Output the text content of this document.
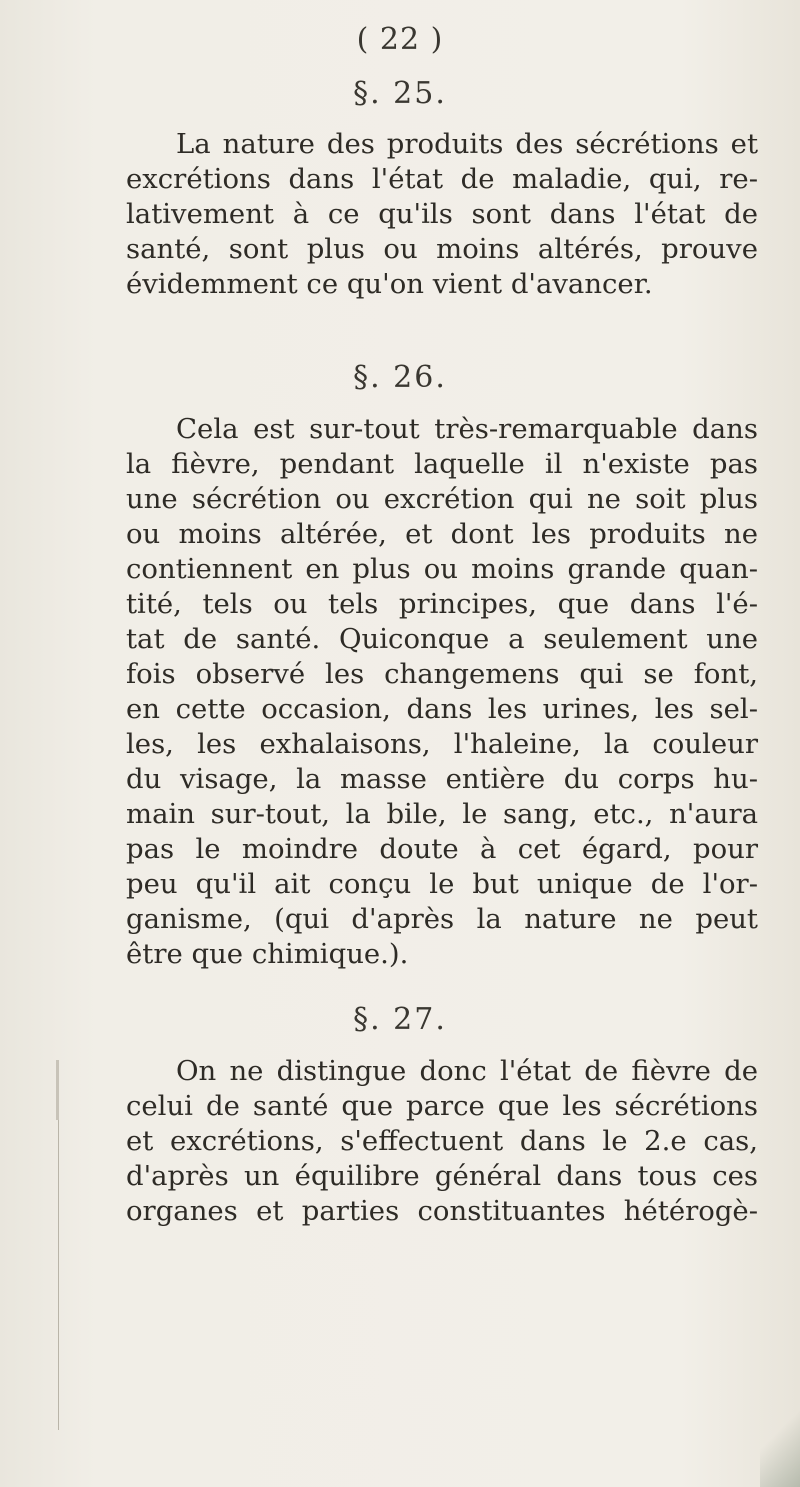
( 22 )
§. 25.
La nature des produits des sécrétions et
excrétions dans l'état de maladie, qui, re-
lativement à ce qu'ils sont dans l'état de
santé, sont plus ou moins altérés, prouve
évidemment ce qu'on vient d'avancer.
§. 26.
Cela est sur-tout très-remarquable dans
la fièvre, pendant laquelle il n'existe pas
une sécrétion ou excrétion qui ne soit plus
ou moins altérée, et dont les produits ne
contiennent en plus ou moins grande quan-
tité, tels ou tels principes, que dans l'é-
tat de santé. Quiconque a seulement une
fois observé les changemens qui se font,
en cette occasion, dans les urines, les sel-
les, les exhalaisons, l'haleine, la couleur
du visage, la masse entière du corps hu-
main sur-tout, la bile, le sang, etc., n'aura
pas le moindre doute à cet égard, pour
peu qu'il ait conçu le but unique de l'or-
ganisme, (qui d'après la nature ne peut
être que chimique.).
§. 27.
On ne distingue donc l'état de fièvre de
celui de santé que parce que les sécrétions
et excrétions, s'effectuent dans le 2.e cas,
d'après un équilibre général dans tous ces
organes et parties constituantes hétérogè-
